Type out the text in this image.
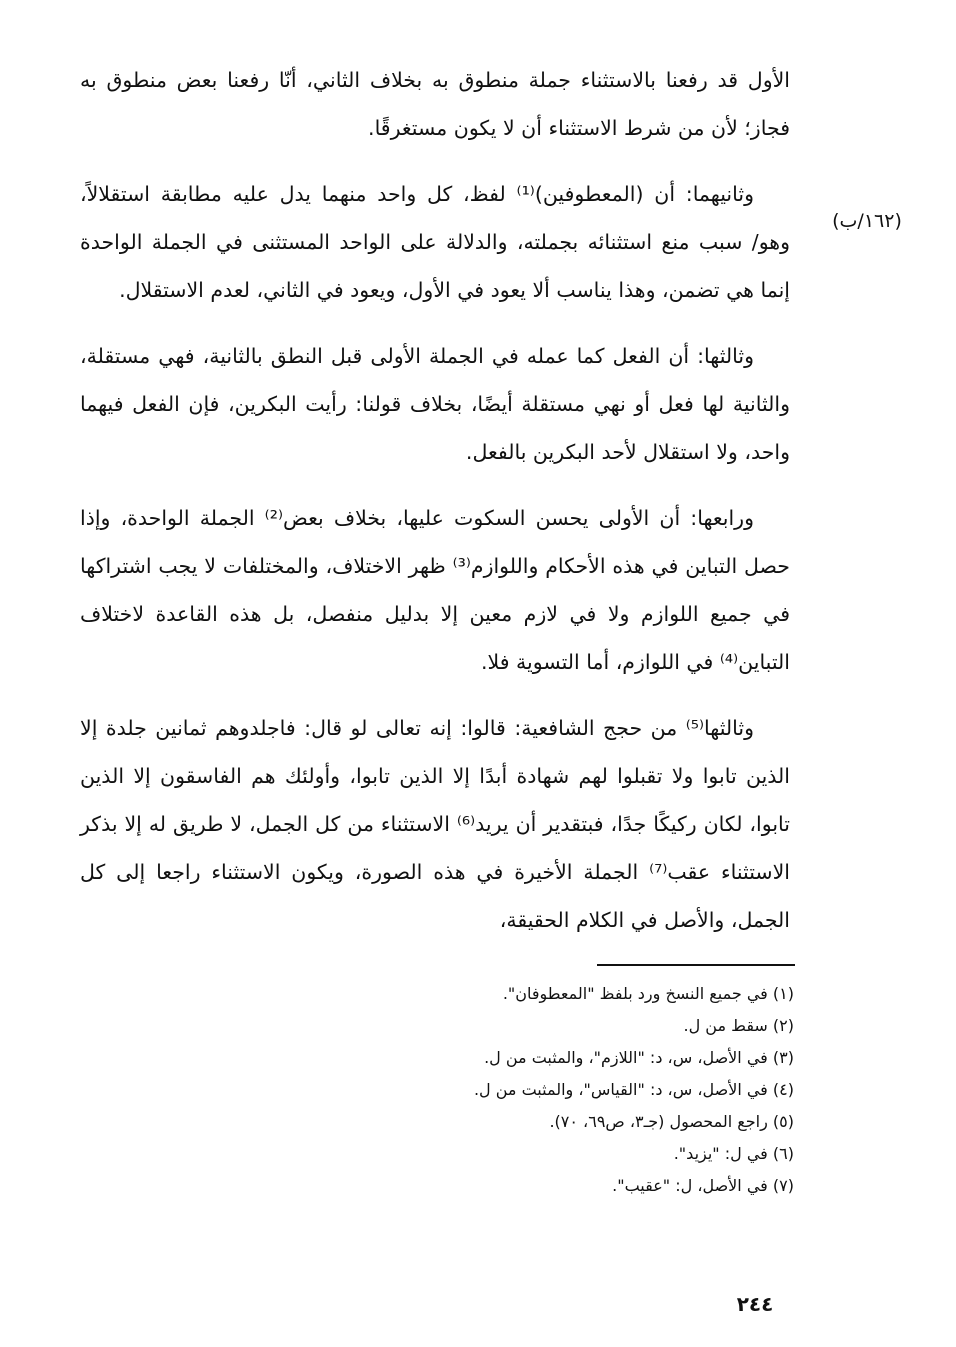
(١٦٢/ب)

الأول قد رفعنا بالاستثناء جملة منطوق به بخلاف الثاني، أنّا رفعنا بعض منطوق به فجاز؛ لأن من شرط الاستثناء أن لا يكون مستغرقًا.

وثانيهما: أن (المعطوفين)⁽¹⁾ لفظ، كل واحد منهما يدل عليه مطابقة استقلالاً، وهو/ سبب منع استثنائه بجملته، والدلالة على الواحد المستثنى في الجملة الواحدة إنما هي تضمن، وهذا يناسب ألا يعود في الأول، ويعود في الثاني، لعدم الاستقلال.

وثالثها: أن الفعل كما عمله في الجملة الأولى قبل النطق بالثانية، فهي مستقلة، والثانية لها فعل أو نهي مستقلة أيضًا، بخلاف قولنا: رأيت البكرين، فإن الفعل فيهما واحد، ولا استقلال لأحد البكرين بالفعل.

ورابعها: أن الأولى يحسن السكوت عليها، بخلاف بعض⁽²⁾ الجملة الواحدة، وإذا حصل التباين في هذه الأحكام واللوازم⁽³⁾ ظهر الاختلاف، والمختلفات لا يجب اشتراكها في جميع اللوازم ولا في لازم معين إلا بدليل منفصل، بل هذه القاعدة لاختلاف التباين⁽⁴⁾ في اللوازم، أما التسوية فلا.

وثالثها⁽⁵⁾ من حجج الشافعية: قالوا: إنه تعالى لو قال: فاجلدوهم ثمانين جلدة إلا الذين تابوا ولا تقبلوا لهم شهادة أبدًا إلا الذين تابوا، وأولئك هم الفاسقون إلا الذين تابوا، لكان ركيكًا جدًا، فبتقدير أن يريد⁽⁶⁾ الاستثناء من كل الجمل، لا طريق له إلا بذكر الاستثناء عقب⁽⁷⁾ الجملة الأخيرة في هذه الصورة، ويكون الاستثناء راجعا إلى كل الجمل، والأصل في الكلام الحقيقة،

(١) في جميع النسخ ورد بلفظ "المعطوفان".
(٢) سقط من ل.
(٣) في الأصل، س، د: "اللازم"، والمثبت من ل.
(٤) في الأصل، س، د: "القياس"، والمثبت من ل.
(٥) راجع المحصول (جـ٣، ص٦٩، ٧٠).
(٦) في ل: "يزيد".
(٧) في الأصل، ل: "عقيب".
٢٤٤
